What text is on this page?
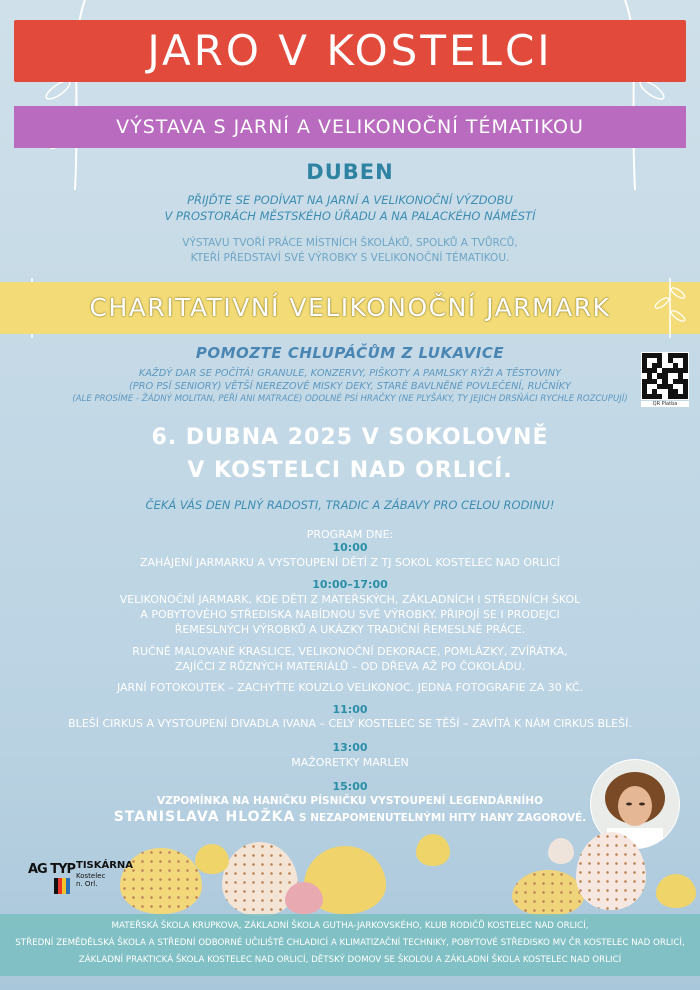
JARO V KOSTELCI
VÝSTAVA S JARNÍ A VELIKONOČNÍ TÉMATIKOU
DUBEN
PŘIJĎTE SE PODÍVAT NA JARNÍ A VELIKONOČNÍ VÝZDOBU
V PROSTORÁCH MĚSTSKÉHO ÚŘADU A NA PALACKÉHO NÁMĚSTÍ
VÝSTAVU TVOŘÍ PRÁCE MÍSTNÍCH ŠKOLÁKŮ, SPOLKŮ A TVŮRCŮ,
KTEŘÍ PŘEDSTAVÍ SVÉ VÝROBKY S VELIKONOČNÍ TÉMATIKOU.
CHARITATIVNÍ VELIKONOČNÍ JARMARK
POMOZTE CHLUPÁČŮM Z LUKAVICE
KAŽDÝ DAR SE POČÍTÁ! GRANULE, KONZERVY, PIŠKOTY A PAMLSKY RÝŽI A TĚSTOVINY
(PRO PSÍ SENIORY) VĚTŠÍ NEREZOVÉ MISKY DEKY, STARÉ BAVLNĚNÉ POVLEČENÍ, RUČNÍKY
(ALE PROSÍME - ŽÁDNÝ MOLITAN, PEŘÍ ANI MATRACE) ODOLNÉ PSÍ HRAČKY (NE PLYŠÁKY, TY JEJICH DRSŇÁCI RYCHLE ROZCUPUJÍ)	QR Platba
6. DUBNA 2025 V SOKOLOVNĚ
V KOSTELCI NAD ORLICÍ.
ČEKÁ VÁS DEN PLNÝ RADOSTI, TRADIC A ZÁBAVY PRO CELOU RODINU!
PROGRAM DNE:
10:00
ZAHÁJENÍ JARMARKU A VYSTOUPENÍ DĚTÍ Z TJ SOKOL KOSTELEC NAD ORLICÍ
10:00–17:00
VELIKONOČNÍ JARMARK, KDE DĚTI Z MATEŘSKÝCH, ZÁKLADNÍCH I STŘEDNÍCH ŠKOL
A POBYTOVÉHO STŘEDISKA NABÍDNOU SVÉ VÝROBKY. PŘIPOJÍ SE I PRODEJCI
ŘEMESLNÝCH VÝROBKŮ A UKÁZKY TRADIČNÍ ŘEMESLNÉ PRÁCE.
RUČNĚ MALOVANÉ KRASLICE, VELIKONOČNÍ DEKORACE, POMLÁZKY, ZVÍŘÁTKA,
ZAJÍČCI Z RŮZNÝCH MATERIÁLŮ – OD DŘEVA AŽ PO ČOKOLÁDU.
JARNÍ FOTOKOUTEK – ZACHYŤTE KOUZLO VELIKONOC. JEDNA FOTOGRAFIE ZA 30 KČ.
11:00
BLEŠÍ CIRKUS A VYSTOUPENÍ DIVADLA IVANA – CELÝ KOSTELEC SE TĚŠÍ – ZAVÍTÁ K NÁM CIRKUS BLEŠÍ.
13:00
MAŽORETKY MARLEN
15:00
VZPOMÍNKA NA HANIČKU PÍSNIČKU VYSTOUPENÍ LEGENDÁRNÍHO
STANISLAVA HLOŽKA S NEZAPOMENUTELNÝMI HITY HANY ZAGOROVÉ.
AG TYP TISKÁRNA
Kostelec n. Orl.
MATEŘSKÁ ŠKOLA KRUPKOVA, ZÁKLADNÍ ŠKOLA GUTHA-JARKOVSKÉHO, KLUB RODIČŮ KOSTELEC NAD ORLICÍ,
STŘEDNÍ ZEMĚDĚLSKÁ ŠKOLA A STŘEDNÍ ODBORNÉ UČILIŠTĚ CHLADICÍ A KLIMATIZAČNÍ TECHNIKY, POBYTOVÉ STŘEDISKO MV ČR KOSTELEC NAD ORLICÍ,
ZÁKLADNÍ PRAKTICKÁ ŠKOLA KOSTELEC NAD ORLICÍ, DĚTSKÝ DOMOV SE ŠKOLOU A ZÁKLADNÍ ŠKOLA KOSTELEC NAD ORLICÍ
